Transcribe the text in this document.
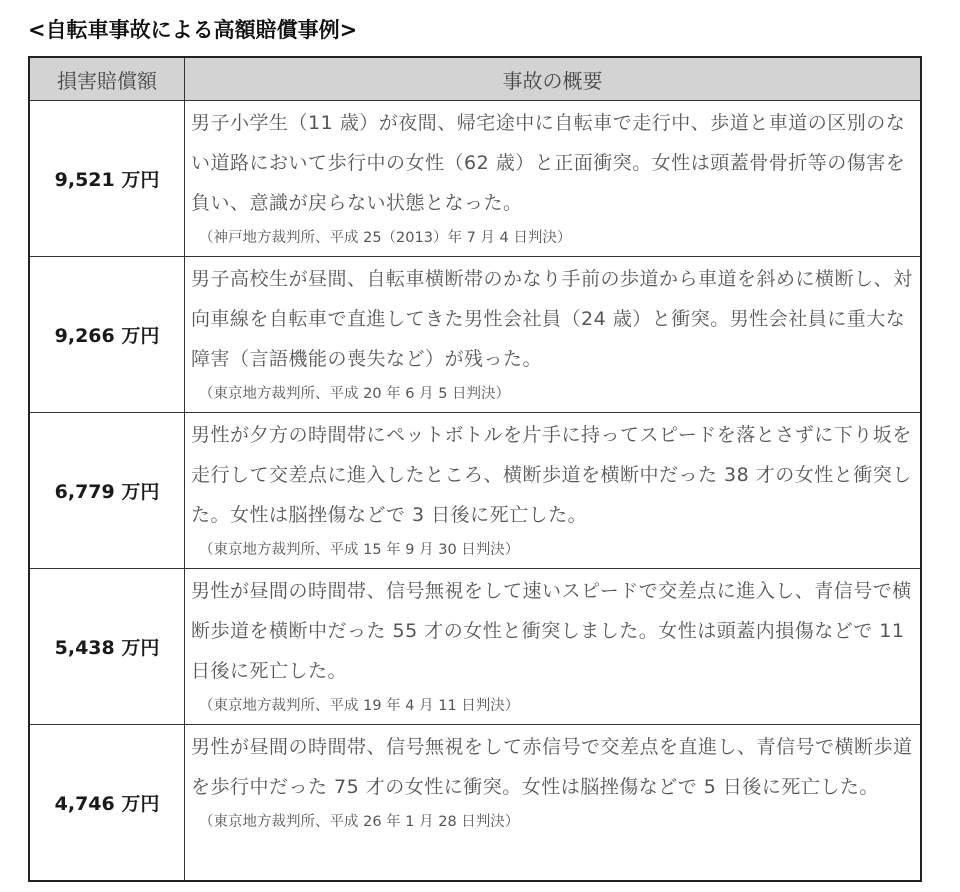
<自転車事故による高額賠償事例>
損害賠償額	事故の概要
9,521 万円	男子小学生（11 歳）が夜間、帰宅途中に自転車で走行中、歩道と車道の区別のない道路において歩行中の女性（62 歳）と正面衝突。女性は頭蓋骨骨折等の傷害を負い、意識が戻らない状態となった。
（神戸地方裁判所、平成 25（2013）年 7 月 4 日判決）

9,266 万円	男子高校生が昼間、自転車横断帯のかなり手前の歩道から車道を斜めに横断し、対向車線を自転車で直進してきた男性会社員（24 歳）と衝突。男性会社員に重大な障害（言語機能の喪失など）が残った。
（東京地方裁判所、平成 20 年 6 月 5 日判決）

6,779 万円	男性が夕方の時間帯にペットボトルを片手に持ってスピードを落とさずに下り坂を走行して交差点に進入したところ、横断歩道を横断中だった 38 才の女性と衝突した。女性は脳挫傷などで 3 日後に死亡した。
（東京地方裁判所、平成 15 年 9 月 30 日判決）

5,438 万円	男性が昼間の時間帯、信号無視をして速いスピードで交差点に進入し、青信号で横断歩道を横断中だった 55 才の女性と衝突しました。女性は頭蓋内損傷などで 11 日後に死亡した。
（東京地方裁判所、平成 19 年 4 月 11 日判決）

4,746 万円	男性が昼間の時間帯、信号無視をして赤信号で交差点を直進し、青信号で横断歩道を歩行中だった 75 才の女性に衝突。女性は脳挫傷などで 5 日後に死亡した。
（東京地方裁判所、平成 26 年 1 月 28 日判決）
